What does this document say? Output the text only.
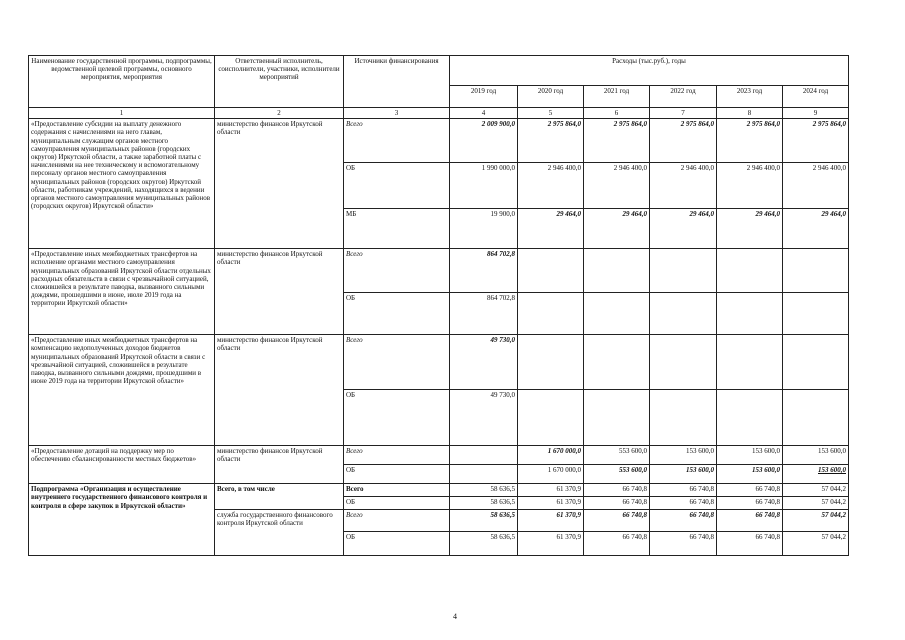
Наименование государственной программы, подпрограммы, ведомственной целевой программы, основного мероприятия, мероприятия	Ответственный исполнитель, соисполнители, участники, исполнители мероприятий	Источники финансирования	Расходы (тыс.руб.), годы					
			2019 год	2020 год	2021 год	2022 год	2023 год	2024 год
1	2	3	4	5	6	7	8	9
«Предоставление субсидии на выплату денежного содержания с начислениями на него главам, муниципальным служащим органов местного самоуправления муниципальных районов (городских округов) Иркутской области, а также заработной платы с начислениями на нее техническому и вспомогательному персоналу органов местного самоуправления муниципальных районов (городских округов) Иркутской области, работникам учреждений, находящихся в ведении органов местного самоуправления муниципальных районов (городских округов) Иркутской области»	министерство финансов Иркутской области	Всего	2 009 900,0	2 975 864,0	2 975 864,0	2 975 864,0	2 975 864,0	2 975 864,0
		ОБ	1 990 000,0	2 946 400,0	2 946 400,0	2 946 400,0	2 946 400,0	2 946 400,0
		МБ	19 900,0	29 464,0	29 464,0	29 464,0	29 464,0	29 464,0
«Предоставление иных межбюджетных трансфертов на исполнение органами местного самоуправления муниципальных образований Иркутской области отдельных расходных обязательств в связи с чрезвычайной ситуацией, сложившейся в результате паводка, вызванного сильными дождями, прошедшими в июне, июле 2019 года на территории Иркутской области»	министерство финансов Иркутской области	Всего	864 702,8					
		ОБ	864 702,8					
«Предоставление иных межбюджетных трансфертов на компенсацию недополученных доходов бюджетов муниципальных образований Иркутской области в связи с чрезвычайной ситуацией, сложившейся в результате паводка, вызванного сильными дождями, прошедшими в июне 2019 года на территории Иркутской области»	министерство финансов Иркутской области	Всего	49 730,0					
		ОБ	49 730,0					
«Предоставление дотаций на поддержку мер по обеспечению сбалансированности местных бюджетов»	министерство финансов Иркутской области	Всего		1 670 000,0	553 600,0	153 600,0	153 600,0	153 600,0
		ОБ		1 670 000,0	553 600,0	153 600,0	153 600,0	153 600,0
Подпрограмма «Организация и осуществление внутреннего государственного финансового контроля и контроля в сфере закупок в Иркутской области»	Всего, в том числе	Всего	58 636,5	61 370,9	66 740,8	66 740,8	66 740,8	57 044,2
		ОБ	58 636,5	61 370,9	66 740,8	66 740,8	66 740,8	57 044,2
	служба государственного финансового контроля Иркутской области	Всего	58 636,5	61 370,9	66 740,8	66 740,8	66 740,8	57 044,2
		ОБ	58 636,5	61 370,9	66 740,8	66 740,8	66 740,8	57 044,2
4
